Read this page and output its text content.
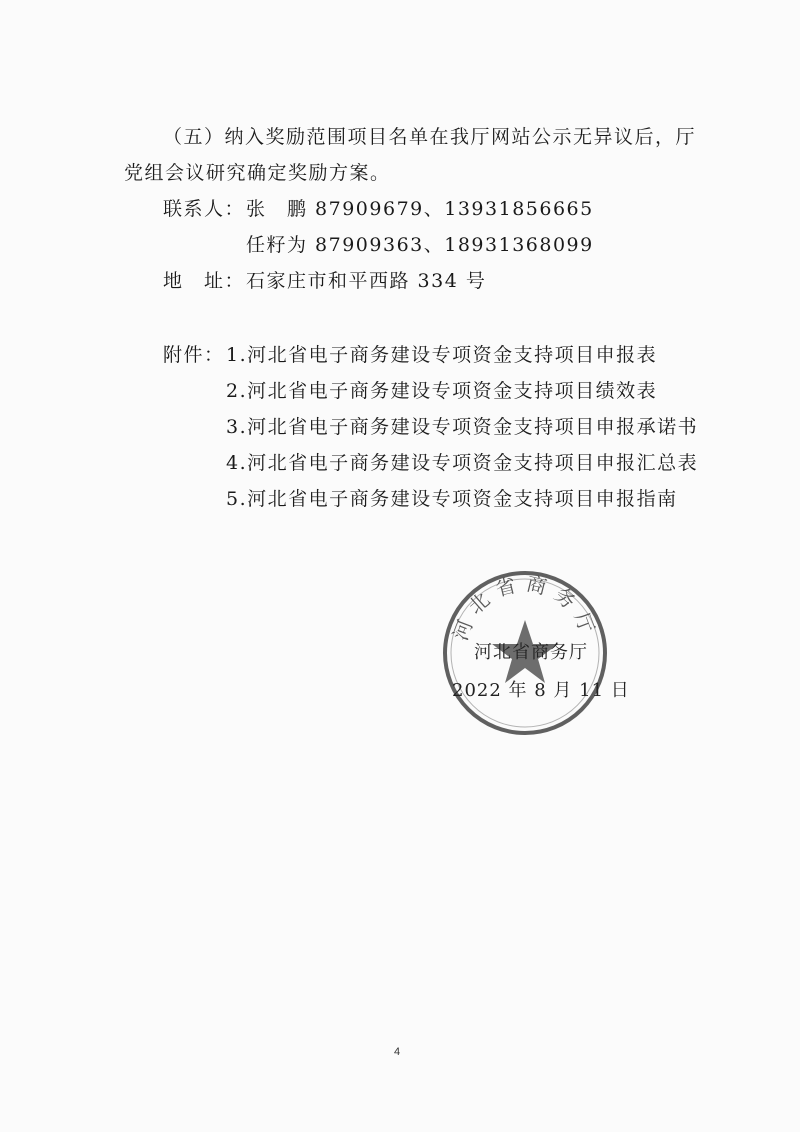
（五）纳入奖励范围项目名单在我厅网站公示无异议后，厅
党组会议研究确定奖励方案。
联系人： 张　鹏 87909679、13931856665
任籽为 87909363、18931368099
地　址： 石家庄市和平西路 334 号
附件： 1.河北省电子商务建设专项资金支持项目申报表
2.河北省电子商务建设专项资金支持项目绩效表
3.河北省电子商务建设专项资金支持项目申报承诺书
4.河北省电子商务建设专项资金支持项目申报汇总表
5.河北省电子商务建设专项资金支持项目申报指南
河北省商务厅
河北省商务厅
2022 年 8 月 11 日
4
